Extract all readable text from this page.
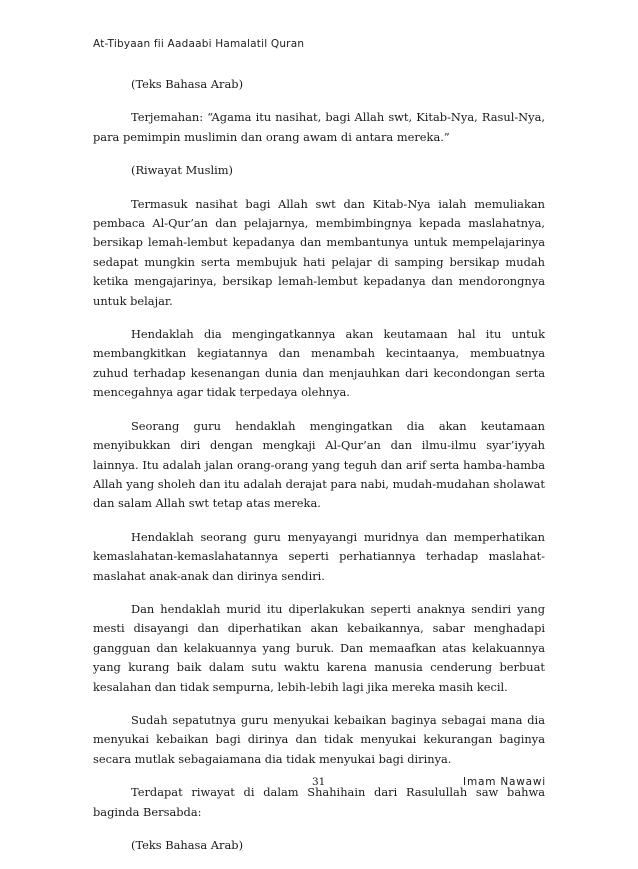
At-Tibyaan fii Aadaabi Hamalatil Quran

(Teks Bahasa Arab)

Terjemahan: “Agama itu nasihat, bagi Allah swt, Kitab-Nya, Rasul-Nya, para pemimpin muslimin dan orang awam di antara mereka.”

(Riwayat Muslim)

Termasuk nasihat bagi Allah swt dan Kitab-Nya ialah memuliakan pembaca Al-Qur’an dan pelajarnya, membimbingnya kepada maslahatnya, bersikap lemah-lembut kepadanya dan membantunya untuk mempelajarinya sedapat mungkin serta membujuk hati pelajar di samping bersikap mudah ketika mengajarinya, bersikap lemah-lembut kepadanya dan mendorongnya untuk belajar.

Hendaklah dia mengingatkannya akan keutamaan hal itu untuk membangkitkan kegiatannya dan menambah kecintaanya, membuatnya zuhud terhadap kesenangan dunia dan menjauhkan dari kecondongan serta mencegahnya agar tidak terpedaya olehnya.

Seorang guru hendaklah mengingatkan dia akan keutamaan menyibukkan diri dengan mengkaji Al-Qur’an dan ilmu-ilmu syar’iyyah lainnya. Itu adalah jalan orang-orang yang teguh dan arif serta hamba-hamba Allah yang sholeh dan itu adalah derajat para nabi, mudah-mudahan sholawat dan salam Allah swt tetap atas mereka.

Hendaklah seorang guru menyayangi muridnya dan memperhatikan kemaslahatan-kemaslahatannya seperti perhatiannya terhadap maslahat-maslahat anak-anak dan dirinya sendiri.

Dan hendaklah murid itu diperlakukan seperti anaknya sendiri yang mesti disayangi dan diperhatikan akan kebaikannya, sabar menghadapi gangguan dan kelakuannya yang buruk. Dan memaafkan atas kelakuannya yang kurang baik dalam sutu waktu karena manusia cenderung berbuat kesalahan dan tidak sempurna, lebih-lebih lagi jika mereka masih kecil.

Sudah sepatutnya guru menyukai kebaikan baginya sebagai mana dia menyukai kebaikan bagi dirinya dan tidak menyukai kekurangan baginya secara mutlak sebagaiamana dia tidak menyukai bagi dirinya.

Terdapat riwayat di dalam Shahihain dari Rasulullah saw bahwa baginda Bersabda:

(Teks Bahasa Arab)

31	Imam Nawawi
